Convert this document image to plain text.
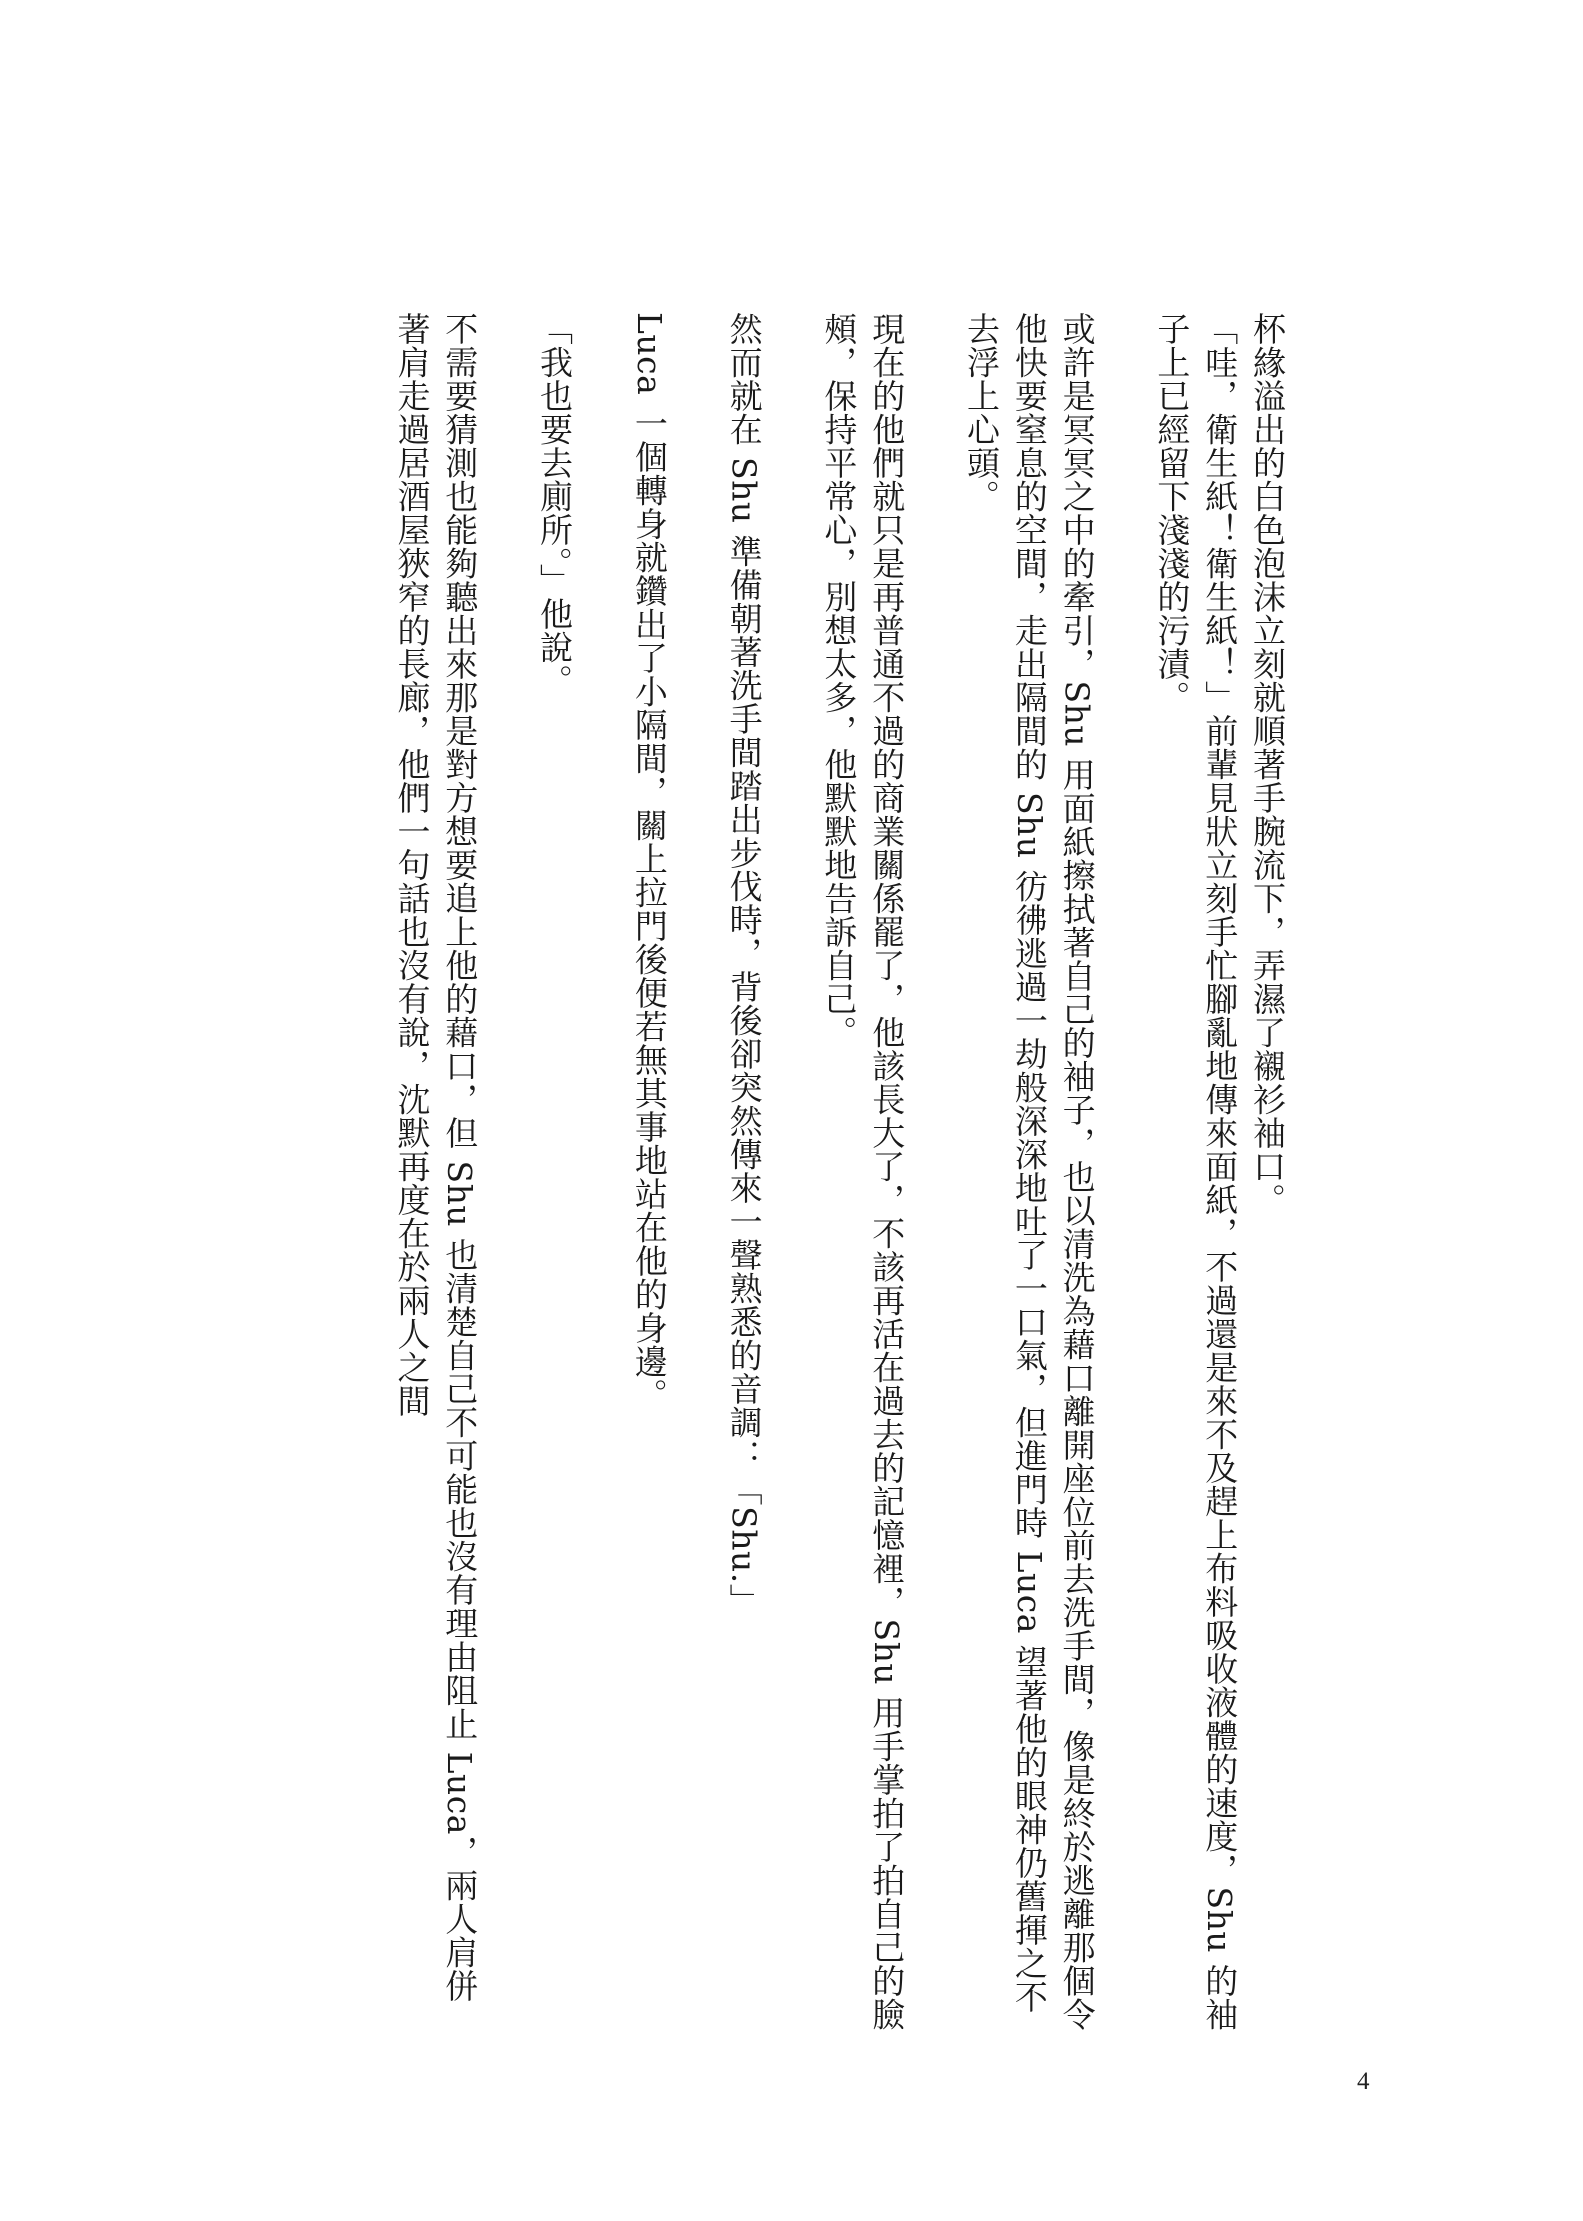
杯緣溢出的白色泡沫立刻就順著手腕流下，弄濕了襯衫袖口。

「哇，衛生紙！衛生紙！」前輩見狀立刻手忙腳亂地傳來面紙，不過還是來不及趕上布料吸收液體的速度，Shu 的袖子上已經留下淺淺的污漬。

或許是冥冥之中的牽引，Shu 用面紙擦拭著自己的袖子，也以清洗為藉口離開座位前去洗手間，像是終於逃離那個令他快要窒息的空間，走出隔間的 Shu 彷彿逃過一劫般深深地吐了一口氣，但進門時 Luca 望著他的眼神仍舊揮之不去浮上心頭。

現在的他們就只是再普通不過的商業關係罷了，他該長大了，不該再活在過去的記憶裡，Shu 用手掌拍了拍自己的臉頰，保持平常心，別想太多，他默默地告訴自己。

然而就在 Shu 準備朝著洗手間踏出步伐時，背後卻突然傳來一聲熟悉的音調：「Shu.」

Luca 一個轉身就鑽出了小隔間，關上拉門後便若無其事地站在他的身邊。

「我也要去廁所。」他說。

不需要猜測也能夠聽出來那是對方想要追上他的藉口，但 Shu 也清楚自己不可能也沒有理由阻止 Luca，兩人肩併著肩走過居酒屋狹窄的長廊，他們一句話也沒有說，沈默再度在於兩人之間

4
